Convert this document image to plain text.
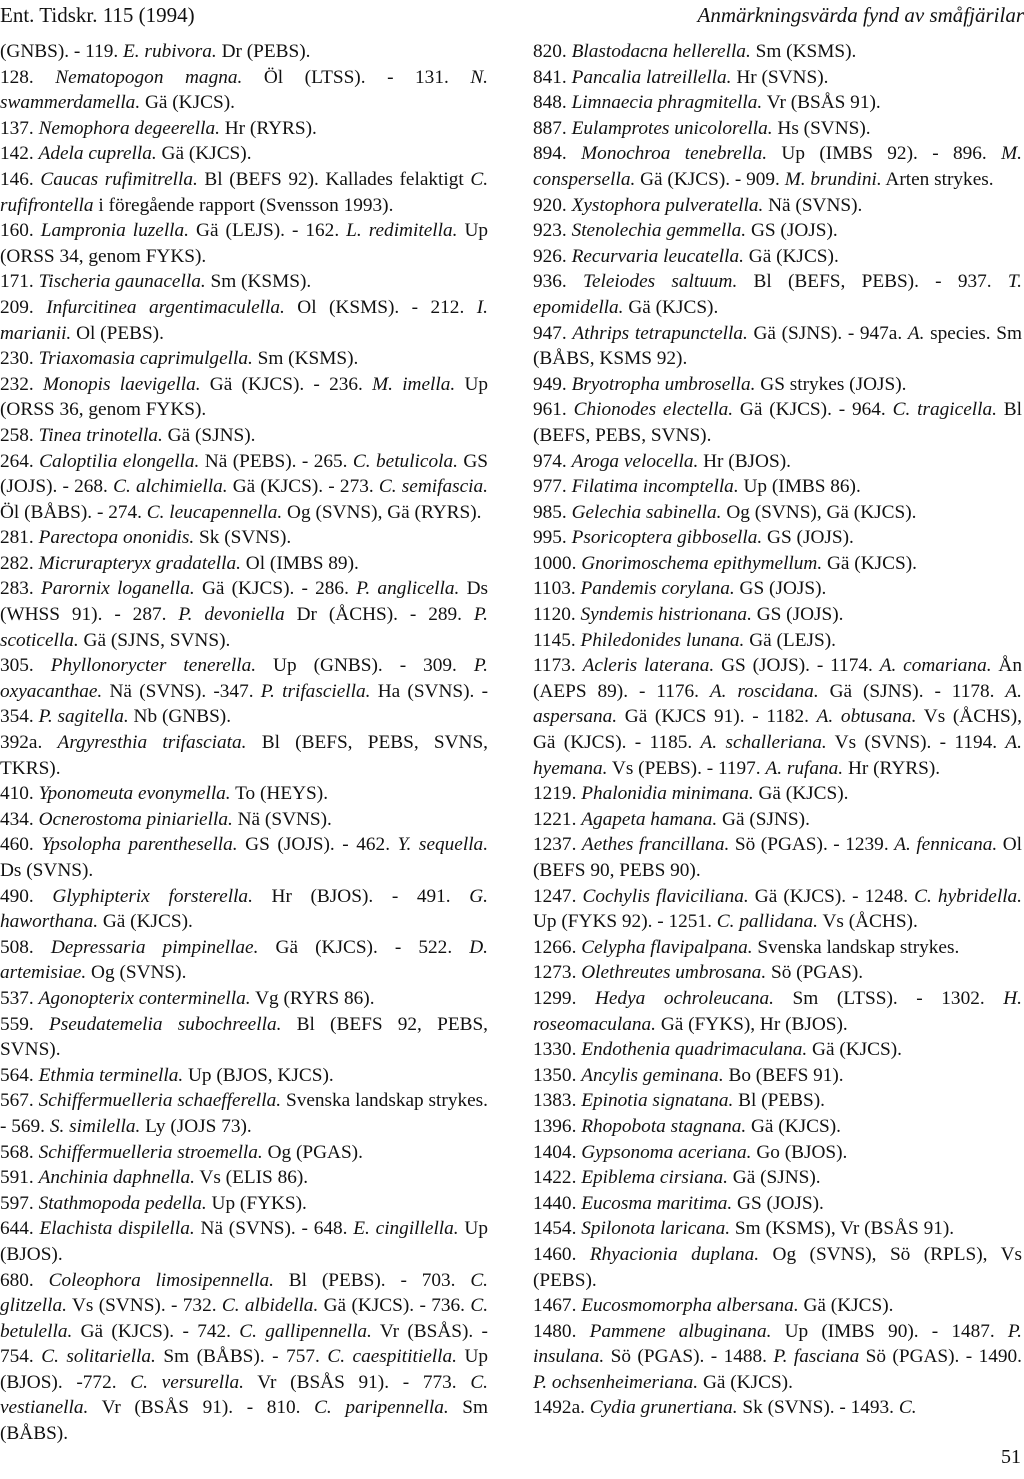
Ent. Tidskr. 115 (1994)	Anmärkningsvärda fynd av småfjärilar

(GNBS). - 119. E. rubivora. Dr (PEBS).

128. Nematopogon magna. Öl (LTSS). - 131. N. swammerdamella. Gä (KJCS).

137. Nemophora degeerella. Hr (RYRS).

142. Adela cuprella. Gä (KJCS).

146. Caucas rufimitrella. Bl (BEFS 92). Kallades felaktigt C. rufifrontella i föregående rapport (Svensson 1993).

160. Lampronia luzella. Gä (LEJS). - 162. L. redimitella. Up (ORSS 34, genom FYKS).

171. Tischeria gaunacella. Sm (KSMS).

209. Infurcitinea argentimaculella. Ol (KSMS). - 212. I. marianii. Ol (PEBS).

230. Triaxomasia caprimulgella. Sm (KSMS).

232. Monopis laevigella. Gä (KJCS). - 236. M. imella. Up (ORSS 36, genom FYKS).

258. Tinea trinotella. Gä (SJNS).

264. Caloptilia elongella. Nä (PEBS). - 265. C. betulicola. GS (JOJS). - 268. C. alchimiella. Gä (KJCS). - 273. C. semifascia. Öl (BÅBS). - 274. C. leucapennella. Og (SVNS), Gä (RYRS).

281. Parectopa ononidis. Sk (SVNS).

282. Micrurapteryx gradatella. Ol (IMBS 89).

283. Parornix loganella. Gä (KJCS). - 286. P. anglicella. Ds (WHSS 91). - 287. P. devoniella Dr (ÅCHS). - 289. P. scoticella. Gä (SJNS, SVNS).

305. Phyllonorycter tenerella. Up (GNBS). - 309. P. oxyacanthae. Nä (SVNS). -347. P. trifasciella. Ha (SVNS). - 354. P. sagitella. Nb (GNBS).

392a. Argyresthia trifasciata. Bl (BEFS, PEBS, SVNS, TKRS).

410. Yponomeuta evonymella. To (HEYS).

434. Ocnerostoma piniariella. Nä (SVNS).

460. Ypsolopha parenthesella. GS (JOJS). - 462. Y. sequella. Ds (SVNS).

490. Glyphipterix forsterella. Hr (BJOS). - 491. G. haworthana. Gä (KJCS).

508. Depressaria pimpinellae. Gä (KJCS). - 522. D. artemisiae. Og (SVNS).

537. Agonopterix conterminella. Vg (RYRS 86).

559. Pseudatemelia subochreella. Bl (BEFS 92, PEBS, SVNS).

564. Ethmia terminella. Up (BJOS, KJCS).

567. Schiffermuelleria schaefferella. Svenska landskap strykes. - 569. S. similella. Ly (JOJS 73).

568. Schiffermuelleria stroemella. Og (PGAS).

591. Anchinia daphnella. Vs (ELIS 86).

597. Stathmopoda pedella. Up (FYKS).

644. Elachista dispilella. Nä (SVNS). - 648. E. cingillella. Up (BJOS).

680. Coleophora limosipennella. Bl (PEBS). - 703. C. glitzella. Vs (SVNS). - 732. C. albidella. Gä (KJCS). - 736. C. betulella. Gä (KJCS). - 742. C. gallipennella. Vr (BSÅS). - 754. C. solitariella. Sm (BÅBS). - 757. C. caespititiella. Up (BJOS). -772. C. versurella. Vr (BSÅS 91). - 773. C. vestianella. Vr (BSÅS 91). - 810. C. paripennella. Sm (BÅBS).

820. Blastodacna hellerella. Sm (KSMS).

841. Pancalia latreillella. Hr (SVNS).

848. Limnaecia phragmitella. Vr (BSÅS 91).

887. Eulamprotes unicolorella. Hs (SVNS).

894. Monochroa tenebrella. Up (IMBS 92). - 896. M. conspersella. Gä (KJCS). - 909. M. brundini. Arten strykes.

920. Xystophora pulveratella. Nä (SVNS).

923. Stenolechia gemmella. GS (JOJS).

926. Recurvaria leucatella. Gä (KJCS).

936. Teleiodes saltuum. Bl (BEFS, PEBS). - 937. T. epomidella. Gä (KJCS).

947. Athrips tetrapunctella. Gä (SJNS). - 947a. A. species. Sm (BÅBS, KSMS 92).

949. Bryotropha umbrosella. GS strykes (JOJS).

961. Chionodes electella. Gä (KJCS). - 964. C. tragicella. Bl (BEFS, PEBS, SVNS).

974. Aroga velocella. Hr (BJOS).

977. Filatima incomptella. Up (IMBS 86).

985. Gelechia sabinella. Og (SVNS), Gä (KJCS).

995. Psoricoptera gibbosella. GS (JOJS).

1000. Gnorimoschema epithymellum. Gä (KJCS).

1103. Pandemis corylana. GS (JOJS).

1120. Syndemis histrionana. GS (JOJS).

1145. Philedonides lunana. Gä (LEJS).

1173. Acleris laterana. GS (JOJS). - 1174. A. comariana. Ån (AEPS 89). - 1176. A. roscidana. Gä (SJNS). - 1178. A. aspersana. Gä (KJCS 91). - 1182. A. obtusana. Vs (ÅCHS), Gä (KJCS). - 1185. A. schalleriana. Vs (SVNS). - 1194. A. hyemana. Vs (PEBS). - 1197. A. rufana. Hr (RYRS).

1219. Phalonidia minimana. Gä (KJCS).

1221. Agapeta hamana. Gä (SJNS).

1237. Aethes francillana. Sö (PGAS). - 1239. A. fennicana. Ol (BEFS 90, PEBS 90).

1247. Cochylis flaviciliana. Gä (KJCS). - 1248. C. hybridella. Up (FYKS 92). - 1251. C. pallidana. Vs (ÅCHS).

1266. Celypha flavipalpana. Svenska landskap strykes.

1273. Olethreutes umbrosana. Sö (PGAS).

1299. Hedya ochroleucana. Sm (LTSS). - 1302. H. roseomaculana. Gä (FYKS), Hr (BJOS).

1330. Endothenia quadrimaculana. Gä (KJCS).

1350. Ancylis geminana. Bo (BEFS 91).

1383. Epinotia signatana. Bl (PEBS).

1396. Rhopobota stagnana. Gä (KJCS).

1404. Gypsonoma aceriana. Go (BJOS).

1422. Epiblema cirsiana. Gä (SJNS).

1440. Eucosma maritima. GS (JOJS).

1454. Spilonota laricana. Sm (KSMS), Vr (BSÅS 91).

1460. Rhyacionia duplana. Og (SVNS), Sö (RPLS), Vs (PEBS).

1467. Eucosmomorpha albersana. Gä (KJCS).

1480. Pammene albuginana. Up (IMBS 90). - 1487. P. insulana. Sö (PGAS). - 1488. P. fasciana Sö (PGAS). - 1490. P. ochsenheimeriana. Gä (KJCS).

1492a. Cydia grunertiana. Sk (SVNS). - 1493. C.

51
